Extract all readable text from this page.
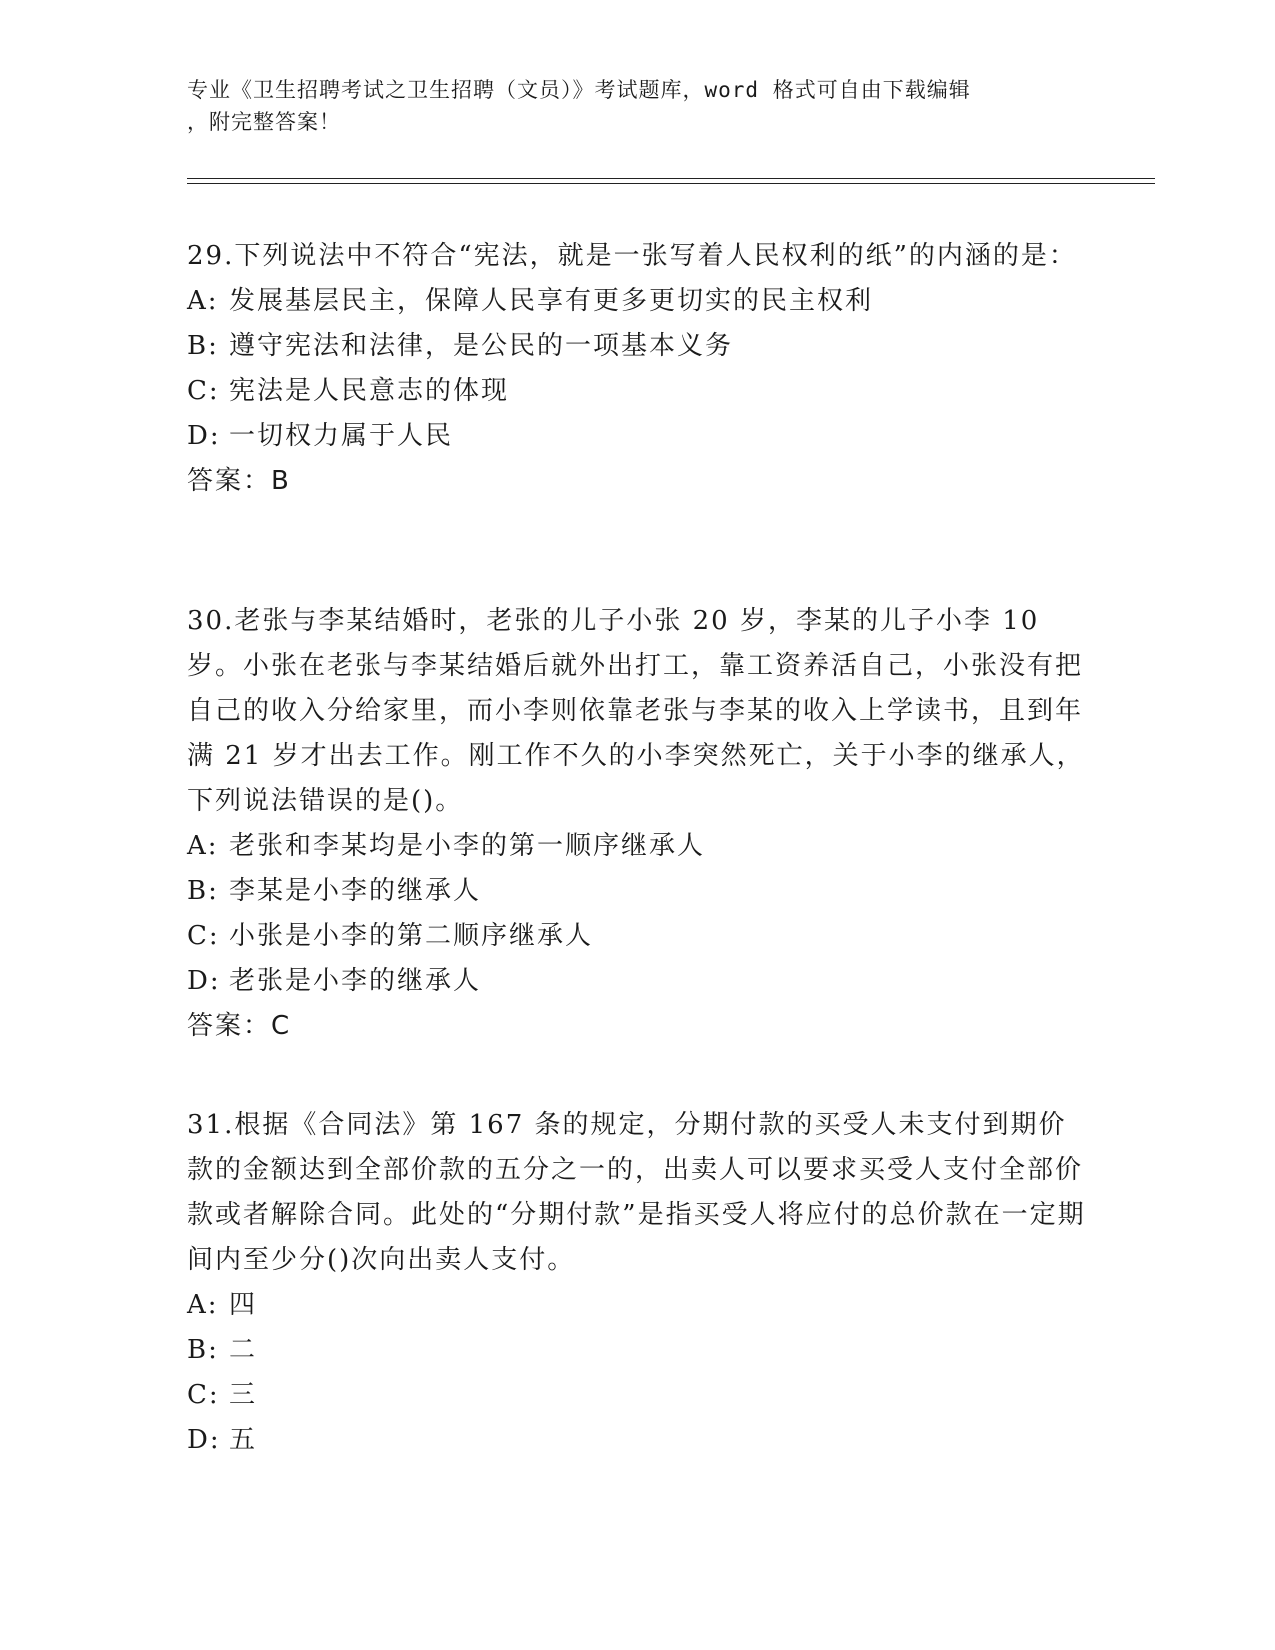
专业《卫生招聘考试之卫生招聘（文员）》考试题库，word 格式可自由下载编辑
，附完整答案！

29.下列说法中不符合“宪法，就是一张写着人民权利的纸”的内涵的是：

A: 发展基层民主，保障人民享有更多更切实的民主权利

B: 遵守宪法和法律，是公民的一项基本义务

C: 宪法是人民意志的体现

D: 一切权力属于人民

答案：B

30.老张与李某结婚时，老张的儿子小张 20 岁，李某的儿子小李 10 岁。小张在老张与李某结婚后就外出打工，靠工资养活自己，小张没有把自己的收入分给家里，而小李则依靠老张与李某的收入上学读书，且到年满 21 岁才出去工作。刚工作不久的小李突然死亡，关于小李的继承人，下列说法错误的是()。

A: 老张和李某均是小李的第一顺序继承人

B: 李某是小李的继承人

C: 小张是小李的第二顺序继承人

D: 老张是小李的继承人

答案：C

31.根据《合同法》第 167 条的规定，分期付款的买受人未支付到期价款的金额达到全部价款的五分之一的，出卖人可以要求买受人支付全部价款或者解除合同。此处的“分期付款”是指买受人将应付的总价款在一定期间内至少分()次向出卖人支付。

A: 四

B: 二

C: 三

D: 五
